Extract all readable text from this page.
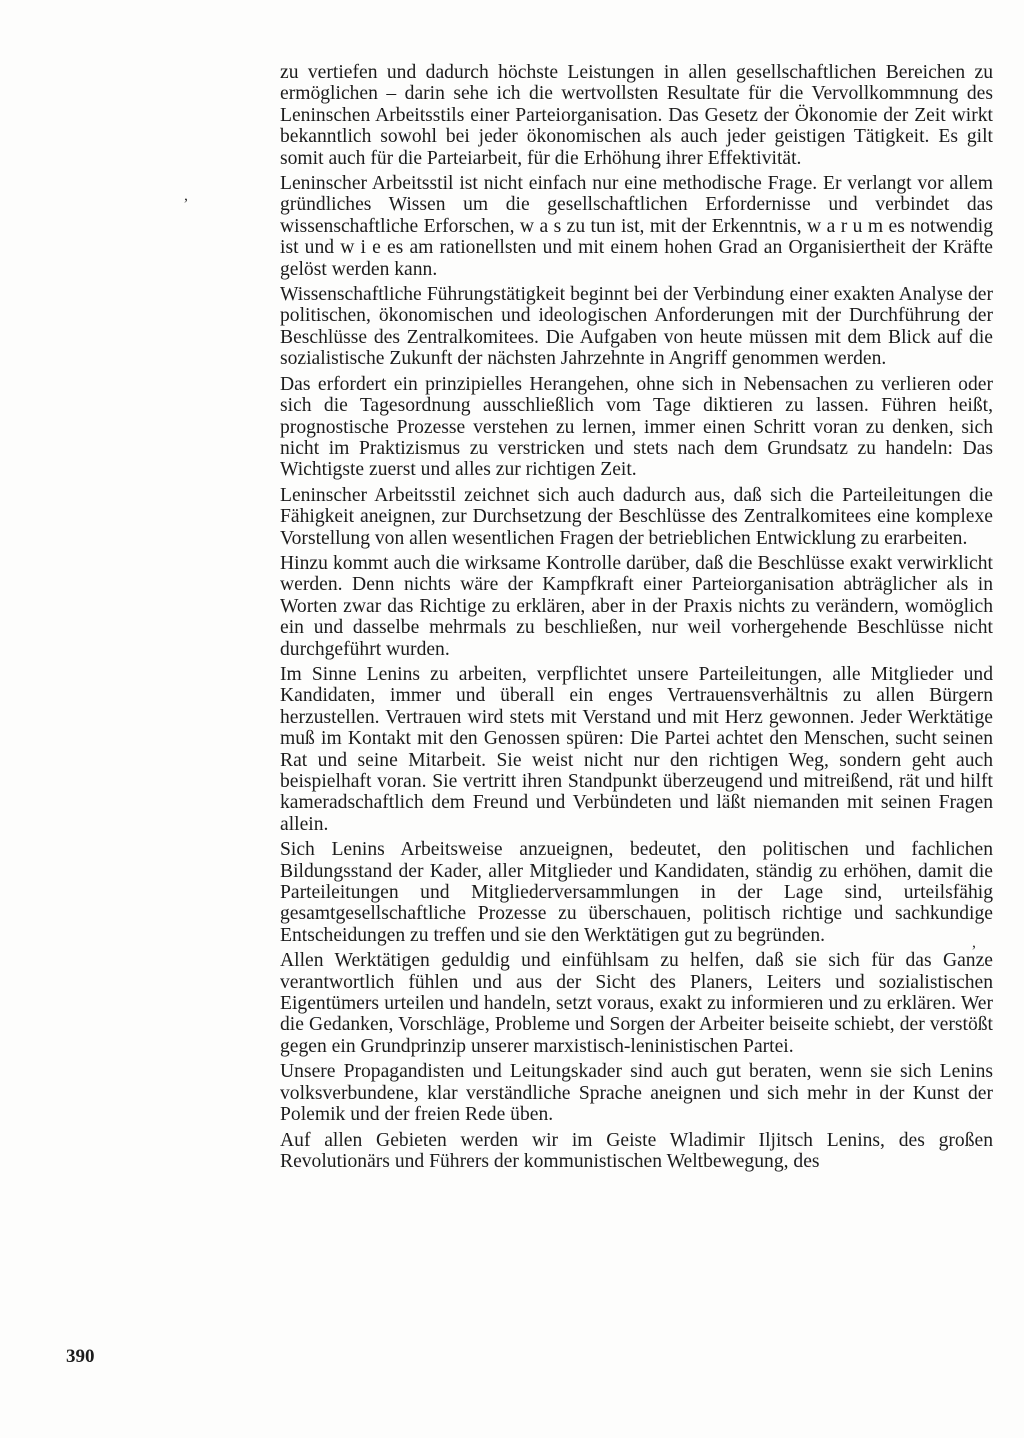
,
,

zu vertiefen und dadurch höchste Leistungen in allen gesellschaftlichen Bereichen zu ermöglichen – darin sehe ich die wertvollsten Resultate für die Vervollkommnung des Leninschen Arbeitsstils einer Parteiorganisation. Das Gesetz der Ökonomie der Zeit wirkt bekanntlich sowohl bei jeder ökonomischen als auch jeder geistigen Tätigkeit. Es gilt somit auch für die Parteiarbeit, für die Erhöhung ihrer Effektivität.

Leninscher Arbeitsstil ist nicht einfach nur eine methodische Frage. Er verlangt vor allem gründliches Wissen um die gesellschaftlichen Erfordernisse und verbindet das wissenschaftliche Erforschen, w a s zu tun ist, mit der Erkenntnis, w a r u m es notwendig ist und w i e es am rationellsten und mit einem hohen Grad an Organisiertheit der Kräfte gelöst werden kann.

Wissenschaftliche Führungstätigkeit beginnt bei der Verbindung einer exakten Analyse der politischen, ökonomischen und ideologischen Anforderungen mit der Durchführung der Beschlüsse des Zentralkomitees. Die Aufgaben von heute müssen mit dem Blick auf die sozialistische Zukunft der nächsten Jahrzehnte in Angriff genommen werden.

Das erfordert ein prinzipielles Herangehen, ohne sich in Nebensachen zu verlieren oder sich die Tagesordnung ausschließlich vom Tage diktieren zu lassen. Führen heißt, prognostische Prozesse verstehen zu lernen, immer einen Schritt voran zu denken, sich nicht im Praktizismus zu verstricken und stets nach dem Grundsatz zu handeln: Das Wichtigste zuerst und alles zur richtigen Zeit.

Leninscher Arbeitsstil zeichnet sich auch dadurch aus, daß sich die Parteileitungen die Fähigkeit aneignen, zur Durchsetzung der Beschlüsse des Zentralkomitees eine komplexe Vorstellung von allen wesentlichen Fragen der betrieblichen Entwicklung zu erarbeiten.

Hinzu kommt auch die wirksame Kontrolle darüber, daß die Beschlüsse exakt verwirklicht werden. Denn nichts wäre der Kampfkraft einer Parteiorganisation abträglicher als in Worten zwar das Richtige zu erklären, aber in der Praxis nichts zu verändern, womöglich ein und dasselbe mehrmals zu beschließen, nur weil vorhergehende Beschlüsse nicht durchgeführt wurden.

Im Sinne Lenins zu arbeiten, verpflichtet unsere Parteileitungen, alle Mitglieder und Kandidaten, immer und überall ein enges Vertrauensverhältnis zu allen Bürgern herzustellen. Vertrauen wird stets mit Verstand und mit Herz gewonnen. Jeder Werktätige muß im Kontakt mit den Genossen spüren: Die Partei achtet den Menschen, sucht seinen Rat und seine Mitarbeit. Sie weist nicht nur den richtigen Weg, sondern geht auch beispielhaft voran. Sie vertritt ihren Standpunkt überzeugend und mitreißend, rät und hilft kameradschaftlich dem Freund und Verbündeten und läßt niemanden mit seinen Fragen allein.

Sich Lenins Arbeitsweise anzueignen, bedeutet, den politischen und fachlichen Bildungsstand der Kader, aller Mitglieder und Kandidaten, ständig zu erhöhen, damit die Parteileitungen und Mitgliederversammlungen in der Lage sind, urteilsfähig gesamtgesellschaftliche Prozesse zu überschauen, politisch richtige und sachkundige Entscheidungen zu treffen und sie den Werktätigen gut zu begründen.

Allen Werktätigen geduldig und einfühlsam zu helfen, daß sie sich für das Ganze verantwortlich fühlen und aus der Sicht des Planers, Leiters und sozialistischen Eigentümers urteilen und handeln, setzt voraus, exakt zu informieren und zu erklären. Wer die Gedanken, Vorschläge, Probleme und Sorgen der Arbeiter beiseite schiebt, der verstößt gegen ein Grundprinzip unserer marxistisch-leninistischen Partei.

Unsere Propagandisten und Leitungskader sind auch gut beraten, wenn sie sich Lenins volksverbundene, klar verständliche Sprache aneignen und sich mehr in der Kunst der Polemik und der freien Rede üben.

Auf allen Gebieten werden wir im Geiste Wladimir Iljitsch Lenins, des großen Revolutionärs und Führers der kommunistischen Weltbewegung, des

390
